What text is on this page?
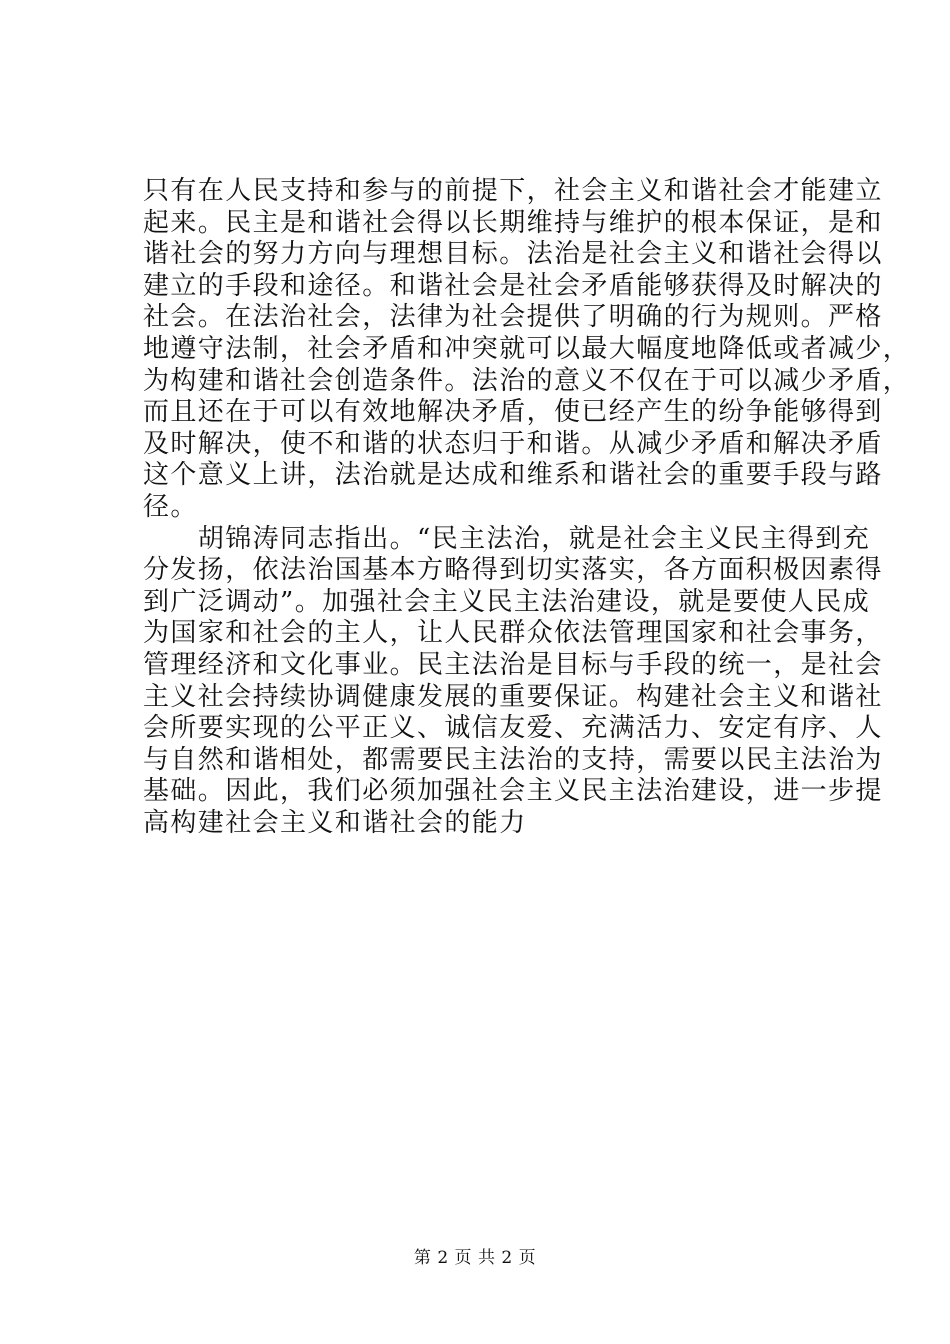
只有在人民支持和参与的前提下，社会主义和谐社会才能建立
起来。民主是和谐社会得以长期维持与维护的根本保证，是和
谐社会的努力方向与理想目标。法治是社会主义和谐社会得以
建立的手段和途径。和谐社会是社会矛盾能够获得及时解决的
社会。在法治社会，法律为社会提供了明确的行为规则。严格
地遵守法制，社会矛盾和冲突就可以最大幅度地降低或者减少，
为构建和谐社会创造条件。法治的意义不仅在于可以减少矛盾，
而且还在于可以有效地解决矛盾，使已经产生的纷争能够得到
及时解决，使不和谐的状态归于和谐。从减少矛盾和解决矛盾
这个意义上讲，法治就是达成和维系和谐社会的重要手段与路
径。
　　胡锦涛同志指出。“民主法治，就是社会主义民主得到充
分发扬，依法治国基本方略得到切实落实，各方面积极因素得
到广泛调动”。加强社会主义民主法治建设，就是要使人民成
为国家和社会的主人，让人民群众依法管理国家和社会事务，
管理经济和文化事业。民主法治是目标与手段的统一，是社会
主义社会持续协调健康发展的重要保证。构建社会主义和谐社
会所要实现的公平正义、诚信友爱、充满活力、安定有序、人
与自然和谐相处，都需要民主法治的支持，需要以民主法治为
基础。因此，我们必须加强社会主义民主法治建设，进一步提
高构建社会主义和谐社会的能力
第 2 页 共 2 页
